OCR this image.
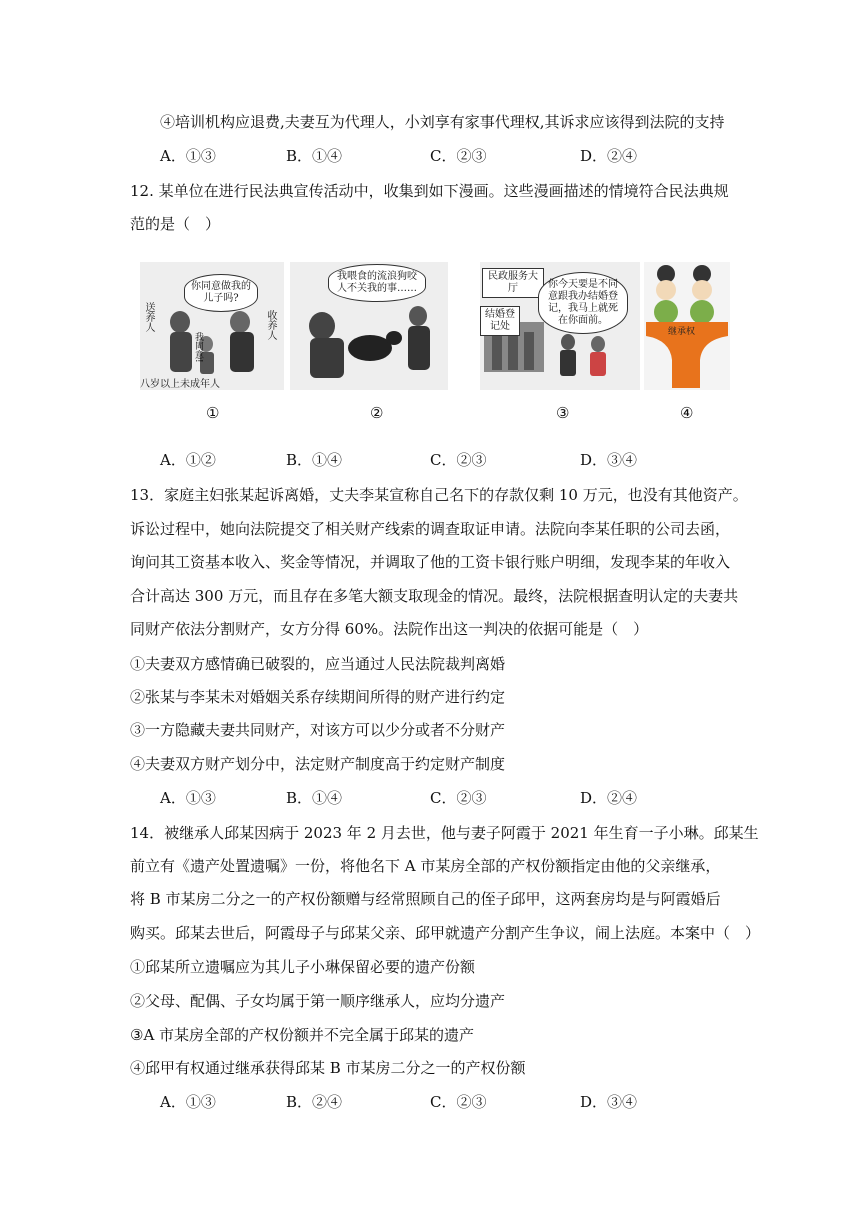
④培训机构应退费,夫妻互为代理人，小刘享有家事代理权,其诉求应该得到法院的支持
A．①③	B．①④	C．②③	D．②④
12. 某单位在进行民法典宣传活动中，收集到如下漫画。这些漫画描述的情境符合民法典规
范的是（　）
你同意做我的儿子吗?
送养人	收养人
我同意!
八岁以上未成年人
我喂食的流浪狗咬人不关我的事……
民政服务大厅
结婚登记处
你今天要是不同意跟我办结婚登记，我马上就死在你面前。
继承权
①	②	③	④
A．①②	B．①④	C．②③	D．③④
13．家庭主妇张某起诉离婚，丈夫李某宣称自己名下的存款仅剩 10 万元，也没有其他资产。
诉讼过程中，她向法院提交了相关财产线索的调查取证申请。法院向李某任职的公司去函，
询问其工资基本收入、奖金等情况，并调取了他的工资卡银行账户明细，发现李某的年收入
合计高达 300 万元，而且存在多笔大额支取现金的情况。最终，法院根据查明认定的夫妻共
同财产依法分割财产，女方分得 60%。法院作出这一判决的依据可能是（　）
①夫妻双方感情确已破裂的，应当通过人民法院裁判离婚
②张某与李某未对婚姻关系存续期间所得的财产进行约定
③一方隐藏夫妻共同财产，对该方可以少分或者不分财产
④夫妻双方财产划分中，法定财产制度高于约定财产制度
A．①③	B．①④	C．②③	D．②④
14．被继承人邱某因病于 2023 年 2 月去世，他与妻子阿霞于 2021 年生育一子小琳。邱某生
前立有《遗产处置遗嘱》一份，将他名下 A 市某房全部的产权份额指定由他的父亲继承，
将 B 市某房二分之一的产权份额赠与经常照顾自己的侄子邱甲，这两套房均是与阿霞婚后
购买。邱某去世后，阿霞母子与邱某父亲、邱甲就遗产分割产生争议，闹上法庭。本案中（　）
①邱某所立遗嘱应为其儿子小琳保留必要的遗产份额
②父母、配偶、子女均属于第一顺序继承人，应均分遗产
③A 市某房全部的产权份额并不完全属于邱某的遗产
④邱甲有权通过继承获得邱某 B 市某房二分之一的产权份额
A．①③	B．②④	C．②③	D．③④
